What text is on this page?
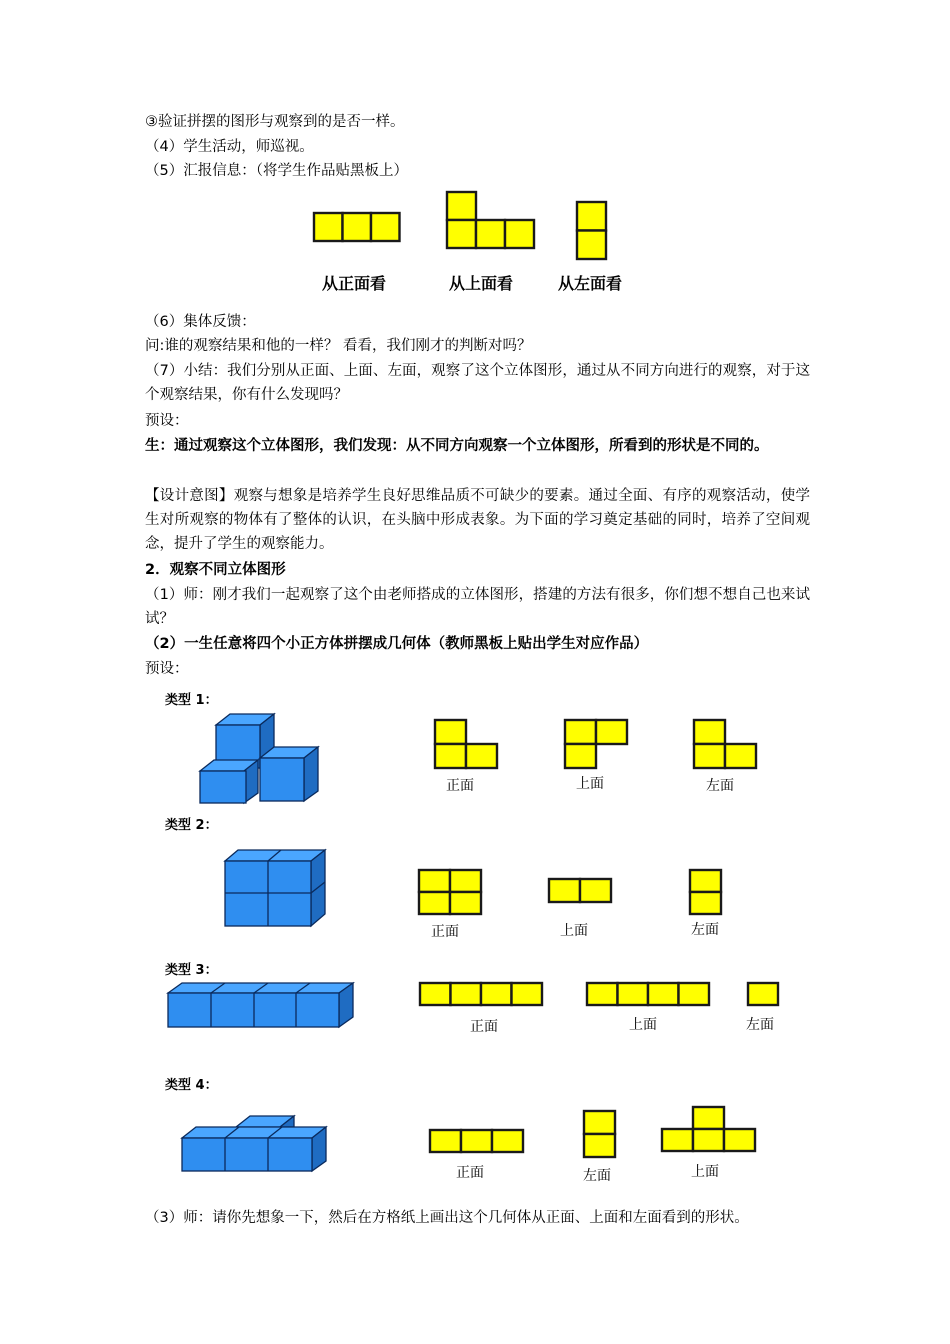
③验证拼摆的图形与观察到的是否一样。
（4）学生活动，师巡视。
（5）汇报信息：（将学生作品贴黑板上）
从正面看	从上面看	从左面看
（6）集体反馈：
问:谁的观察结果和他的一样？ 看看，我们刚才的判断对吗？
（7）小结：我们分别从正面、上面、左面，观察了这个立体图形，通过从不同方向进行的观察，对于这个观察结果，你有什么发现吗？
预设：
生：通过观察这个立体图形，我们发现：从不同方向观察一个立体图形，所看到的形状是不同的。
【设计意图】观察与想象是培养学生良好思维品质不可缺少的要素。通过全面、有序的观察活动，使学生对所观察的物体有了整体的认识，在头脑中形成表象。为下面的学习奠定基础的同时，培养了空间观念，提升了学生的观察能力。
2．观察不同立体图形
（1）师：刚才我们一起观察了这个由老师搭成的立体图形，搭建的方法有很多，你们想不想自己也来试试？
（2）一生任意将四个小正方体拼摆成几何体（教师黑板上贴出学生对应作品）
预设：
类型 1：
正面	上面	左面
类型 2：
正面	上面	左面
类型 3：
正面	上面	左面
类型 4：
正面	左面	上面
（3）师：请你先想象一下，然后在方格纸上画出这个几何体从正面、上面和左面看到的形状。
